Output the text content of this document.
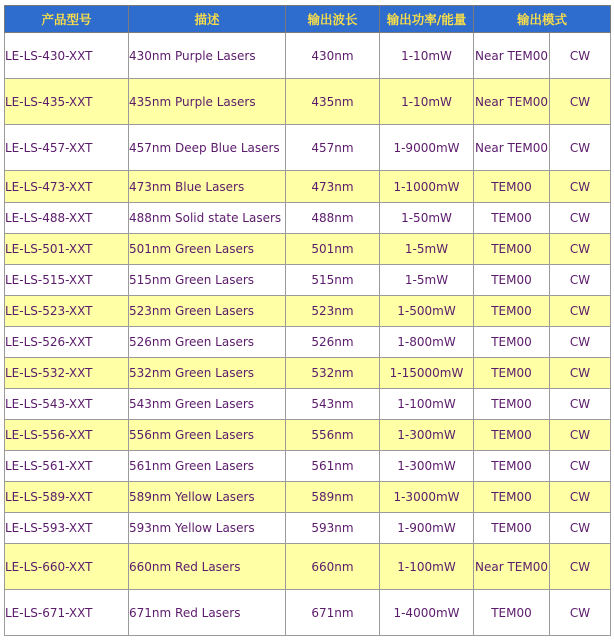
产品型号	描述	输出波长	输出功率/能量	输出模式	
LE-LS-430-XXT	430nm Purple Lasers	430nm	1-10mW	Near TEM00	CW
LE-LS-435-XXT	435nm Purple Lasers	435nm	1-10mW	Near TEM00	CW
LE-LS-457-XXT	457nm Deep Blue Lasers	457nm	1-9000mW	Near TEM00	CW
LE-LS-473-XXT	473nm Blue Lasers	473nm	1-1000mW	TEM00	CW
LE-LS-488-XXT	488nm Solid state Lasers	488nm	1-50mW	TEM00	CW
LE-LS-501-XXT	501nm Green Lasers	501nm	1-5mW	TEM00	CW
LE-LS-515-XXT	515nm Green Lasers	515nm	1-5mW	TEM00	CW
LE-LS-523-XXT	523nm Green Lasers	523nm	1-500mW	TEM00	CW
LE-LS-526-XXT	526nm Green Lasers	526nm	1-800mW	TEM00	CW
LE-LS-532-XXT	532nm Green Lasers	532nm	1-15000mW	TEM00	CW
LE-LS-543-XXT	543nm Green Lasers	543nm	1-100mW	TEM00	CW
LE-LS-556-XXT	556nm Green Lasers	556nm	1-300mW	TEM00	CW
LE-LS-561-XXT	561nm Green Lasers	561nm	1-300mW	TEM00	CW
LE-LS-589-XXT	589nm Yellow Lasers	589nm	1-3000mW	TEM00	CW
LE-LS-593-XXT	593nm Yellow Lasers	593nm	1-900mW	TEM00	CW
LE-LS-660-XXT	660nm Red Lasers	660nm	1-100mW	Near TEM00	CW
LE-LS-671-XXT	671nm Red Lasers	671nm	1-4000mW	TEM00	CW
